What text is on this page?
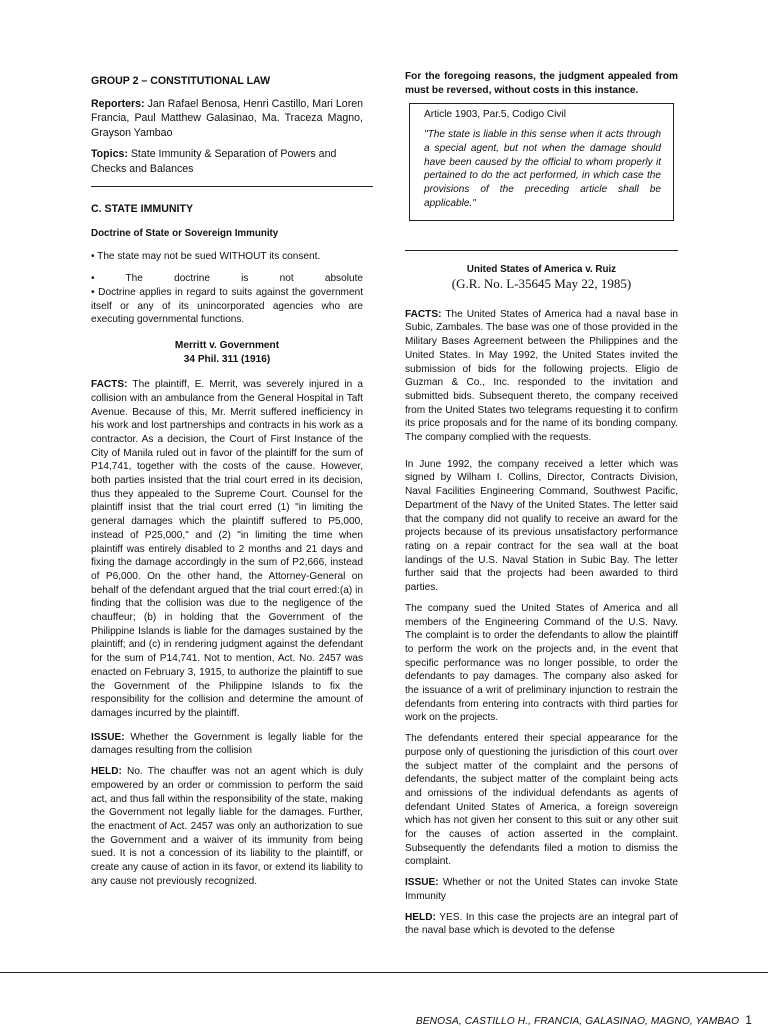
GROUP 2 – CONSTITUTIONAL LAW

Reporters: Jan Rafael Benosa, Henri Castillo, Mari Loren Francia, Paul Matthew Galasinao, Ma. Traceza Magno, Grayson Yambao

Topics: State Immunity & Separation of Powers and Checks and Balances

C. STATE IMMUNITY
Doctrine of State or Sovereign Immunity

• The state may not be sued WITHOUT its consent.

• The doctrine is not absolute

• Doctrine applies in regard to suits against the government itself or any of its unincorporated agencies who are executing governmental functions.

Merritt v. Government
34 Phil. 311 (1916)

FACTS: The plaintiff, E. Merrit, was severely injured in a collision with an ambulance from the General Hospital in Taft Avenue. Because of this, Mr. Merrit suffered inefficiency in his work and lost partnerships and contracts in his work as a contractor. As a decision, the Court of First Instance of the City of Manila ruled out in favor of the plaintiff for the sum of P14,741, together with the costs of the cause. However, both parties insisted that the trial court erred in its decision, thus they appealed to the Supreme Court. Counsel for the plaintiff insist that the trial court erred (1) "in limiting the general damages which the plaintiff suffered to P5,000, instead of P25,000," and (2) "in limiting the time when plaintiff was entirely disabled to 2 months and 21 days and fixing the damage accordingly in the sum of P2,666, instead of P6,000. On the other hand, the Attorney-General on behalf of the defendant argued that the trial court erred:(a) in finding that the collision was due to the negligence of the chauffeur; (b) in holding that the Government of the Philippine Islands is liable for the damages sustained by the plaintiff; and (c) in rendering judgment against the defendant for the sum of P14,741. Not to mention, Act. No. 2457 was enacted on February 3, 1915, to authorize the plaintiff to sue the Government of the Philippine Islands to fix the responsibility for the collision and determine the amount of damages incurred by the plaintiff.

ISSUE: Whether the Government is legally liable for the damages resulting from the collision

HELD: No. The chauffer was not an agent which is duly empowered by an order or commission to perform the said act, and thus fall within the responsibility of the state, making the Government not legally liable for the damages. Further, the enactment of Act. 2457 was only an authorization to sue the Government and a waiver of its immunity from being sued. It is not a concession of its liability to the plaintiff, or create any cause of action in its favor, or extend its liability to any cause not previously recognized.

For the foregoing reasons, the judgment appealed from must be reversed, without costs in this instance.

Article 1903, Par.5, Codigo Civil

"The state is liable in this sense when it acts through a special agent, but not when the damage should have been caused by the official to whom properly it pertained to do the act performed, in which case the provisions of the preceding article shall be applicable."

United States of America v. Ruiz

(G.R. No. L-35645 May 22, 1985)

FACTS: The United States of America had a naval base in Subic, Zambales. The base was one of those provided in the Military Bases Agreement between the Philippines and the United States. In May 1992, the United States invited the submission of bids for the following projects. Eligio de Guzman & Co., Inc. responded to the invitation and submitted bids. Subsequent thereto, the company received from the United States two telegrams requesting it to confirm its price proposals and for the name of its bonding company. The company complied with the requests.

In June 1992, the company received a letter which was signed by Wilham I. Collins, Director, Contracts Division, Naval Facilities Engineering Command, Southwest Pacific, Department of the Navy of the United States. The letter said that the company did not qualify to receive an award for the projects because of its previous unsatisfactory performance rating on a repair contract for the sea wall at the boat landings of the U.S. Naval Station in Subic Bay. The letter further said that the projects had been awarded to third parties.

The company sued the United States of America and all members of the Engineering Command of the U.S. Navy. The complaint is to order the defendants to allow the plaintiff to perform the work on the projects and, in the event that specific performance was no longer possible, to order the defendants to pay damages. The company also asked for the issuance of a writ of preliminary injunction to restrain the defendants from entering into contracts with third parties for work on the projects.

The defendants entered their special appearance for the purpose only of questioning the jurisdiction of this court over the subject matter of the complaint and the persons of defendants, the subject matter of the complaint being acts and omissions of the individual defendants as agents of defendant United States of America, a foreign sovereign which has not given her consent to this suit or any other suit for the causes of action asserted in the complaint. Subsequently the defendants filed a motion to dismiss the complaint.

ISSUE: Whether or not the United States can invoke State Immunity

HELD: YES. In this case the projects are an integral part of the naval base which is devoted to the defense

BENOSA, CASTILLO H., FRANCIA, GALASINAO, MAGNO, YAMBAO 1
